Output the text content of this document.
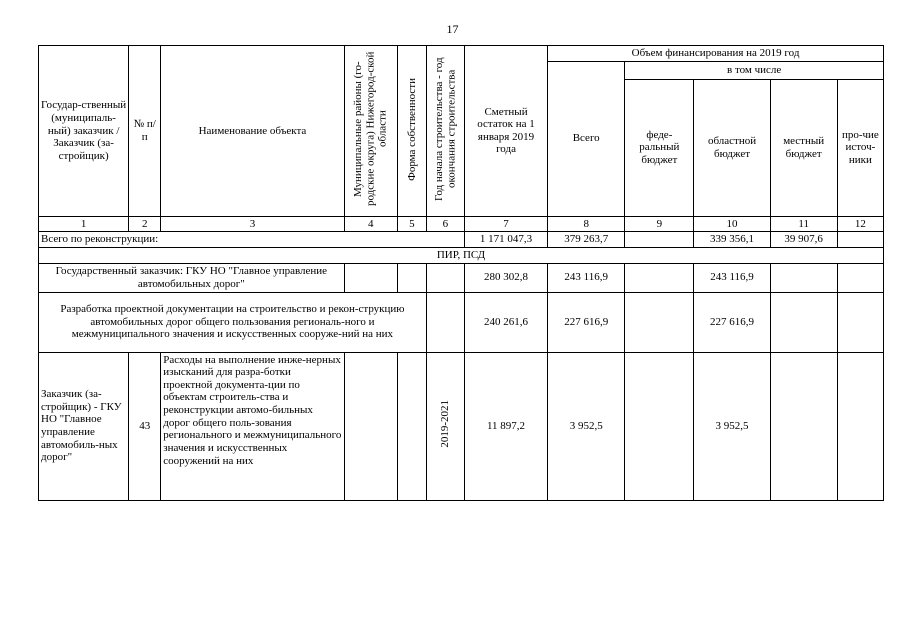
17
Государ-ственный (муниципаль-ный) заказчик / Заказчик (за-стройщик)	№ п/п	Наименование объекта	Муниципальные районы (го-родские округа) Нижегород-ской области	Форма собственности	Год начала строительства - год окончания строительства	Сметный остаток на 1 января 2019 года	Объем финансирования на 2019 год				
							Всего	в том числе			
								феде-ральный бюджет	областной бюджет	местный бюджет	про-чие источ-ники
1	2	3	4	5	6	7	8	9	10	11	12
Всего по реконструкции:						1 171 047,3	379 263,7		339 356,1	39 907,6	
ПИР, ПСД											
Государственный заказчик: ГКУ НО "Главное управление автомобильных дорог"						280 302,8	243 116,9		243 116,9		
Разработка проектной документации на строительство и рекон-струкцию автомобильных дорог общего пользования региональ-ного и межмуниципального значения и искусственных сооруже-ний на них						240 261,6	227 616,9		227 616,9		
Заказчик (за-стройщик) - ГКУ НО "Главное управление автомобиль-ных дорог"	43	Расходы на выполнение инже-нерных изысканий для разра-ботки проектной документа-ции по объектам строитель-ства и реконструкции автомо-бильных дорог общего поль-зования регионального и межмуниципального значения и искусственных сооружений на них			2019-2021	11 897,2	3 952,5		3 952,5		
